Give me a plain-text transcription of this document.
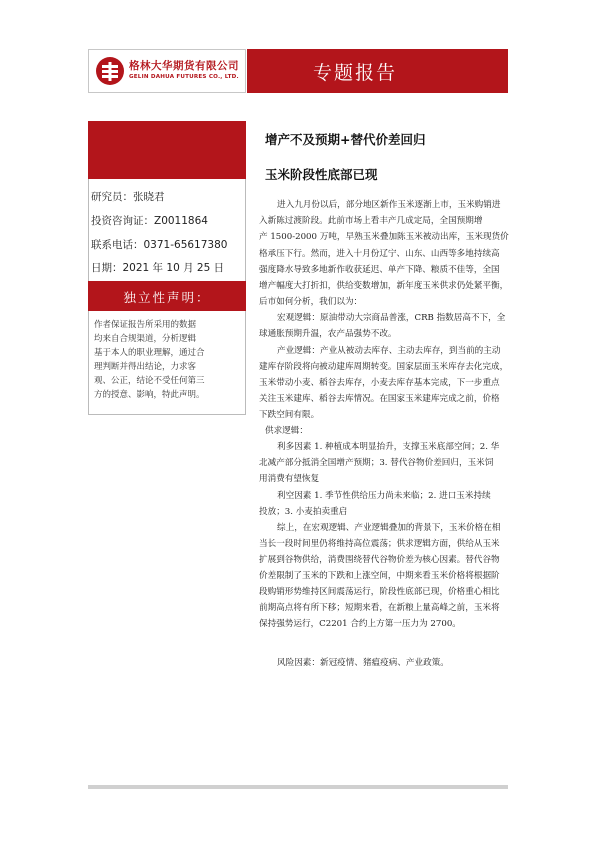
格林大华期货有限公司
GELIN DAHUA FUTURES CO., LTD.	专题报告
研究员：张晓君
投资咨询证：Z0011864
联系电话：0371-65617380
日期：2021 年 10 月 25 日
独立性声明：
作者保证报告所采用的数据
均来自合规渠道，分析逻辑
基于本人的职业理解，通过合
理判断并得出结论，力求客
观、公正，结论不受任何第三
方的授意、影响，特此声明。
增产不及预期+替代价差回归
玉米阶段性底部已现
进入九月份以后，部分地区新作玉米逐渐上市，玉米购销进
入新陈过渡阶段。此前市场上看丰产几成定局，全国预期增
产 1500-2000 万吨，早熟玉米叠加陈玉米被动出库，玉米现货价
格承压下行。然而，进入十月份辽宁、山东、山西等多地持续高
强度降水导致多地新作收获延迟、单产下降、粮质不佳等，全国
增产幅度大打折扣，供给变数增加，新年度玉米供求仍处紧平衡，
后市如何分析，我们以为：
宏观逻辑：原油带动大宗商品普涨，CRB 指数居高不下，全
球通胀预期升温，农产品强势不改。
产业逻辑：产业从被动去库存、主动去库存，到当前的主动
建库存阶段将向被动建库周期转变。国家层面玉米库存去化完成，
玉米带动小麦、稻谷去库存，小麦去库存基本完成，下一步重点
关注玉米建库、稻谷去库情况。在国家玉米建库完成之前，价格
下跌空间有限。
供求逻辑：
利多因素 1. 种植成本明显抬升，支撑玉米底部空间；2. 华
北减产部分抵消全国增产预期；3. 替代谷物价差回归，玉米饲
用消费有望恢复
利空因素 1. 季节性供给压力尚未来临；2. 进口玉米持续
投放；3. 小麦拍卖重启
综上，在宏观逻辑、产业逻辑叠加的背景下，玉米价格在相
当长一段时间里仍将维持高位震荡；供求逻辑方面，供给从玉米
扩展到谷物供给，消费围绕替代谷物价差为核心因素。替代谷物
价差限制了玉米的下跌和上涨空间，中期来看玉米价格将根据阶
段购销形势维持区间震荡运行，阶段性底部已现，价格重心相比
前期高点将有所下移；短期来看，在新粮上量高峰之前，玉米将
保持强势运行，C2201 合约上方第一压力为 2700。
风险因素：新冠疫情、猪瘟疫病、产业政策。
